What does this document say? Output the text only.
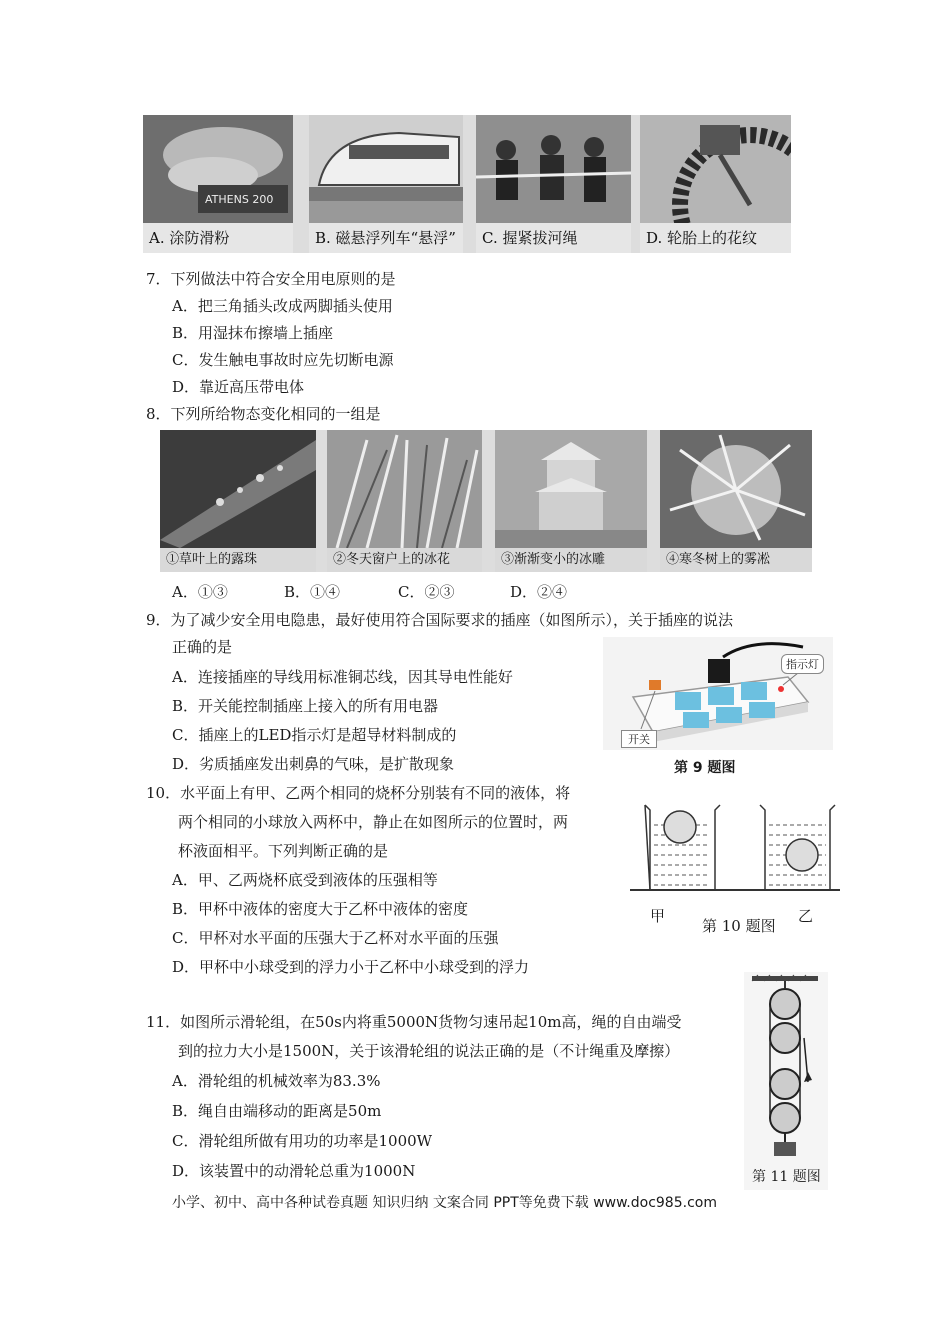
ATHENS 200
A. 涂防滑粉	B. 磁悬浮列车“悬浮”	C. 握紧拔河绳	D. 轮胎上的花纹
7．下列做法中符合安全用电原则的是
A．把三角插头改成两脚插头使用
B．用湿抹布擦墙上插座
C．发生触电事故时应先切断电源
D．靠近高压带电体
8．下列所给物态变化相同的一组是
①草叶上的露珠	②冬天窗户上的冰花	③渐渐变小的冰雕	④寒冬树上的雾凇
A．①③	B．①④	C．②③	D．②④
9．为了减少安全用电隐患，最好使用符合国际要求的插座（如图所示），关于插座的说法
正确的是
A．连接插座的导线用标准铜芯线，因其导电性能好
B．开关能控制插座上接入的所有用电器
C．插座上的LED指示灯是超导材料制成的
D．劣质插座发出刺鼻的气味，是扩散现象
指示灯
开关
第 9 题图
10．水平面上有甲、乙两个相同的烧杯分别装有不同的液体，将
两个相同的小球放入两杯中，静止在如图所示的位置时，两
杯液面相平。下列判断正确的是
A．甲、乙两烧杯底受到液体的压强相等
B．甲杯中液体的密度大于乙杯中液体的密度
C．甲杯对水平面的压强大于乙杯对水平面的压强
D．甲杯中小球受到的浮力小于乙杯中小球受到的浮力
甲	乙
第 10 题图
11．如图所示滑轮组，在50s内将重5000N货物匀速吊起10m高，绳的自由端受
到的拉力大小是1500N，关于该滑轮组的说法正确的是（不计绳重及摩擦）
A．滑轮组的机械效率为83.3%
B．绳自由端移动的距离是50m
C．滑轮组所做有用功的功率是1000W
D．该装置中的动滑轮总重为1000N	第 11 题图
小学、初中、高中各种试卷真题 知识归纳 文案合同 PPT等免费下载 www.doc985.com
